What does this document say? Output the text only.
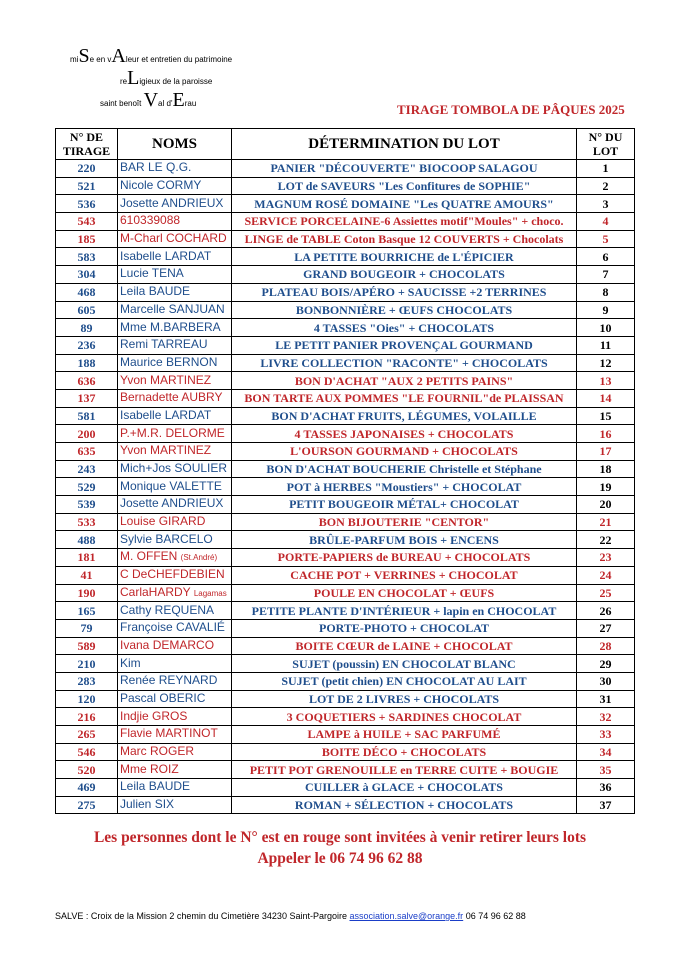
miSe en vAleur et entretien du patrimoine
reLigieux de la paroisse
saint benoît Val d'Erau	TIRAGE TOMBOLA DE PÂQUES 2025
N° DE TIRAGE	NOMS	DÉTERMINATION DU LOT	N° DU LOT
220	BAR LE Q.G.	PANIER "DÉCOUVERTE" BIOCOOP SALAGOU	1
521	Nicole CORMY	LOT de SAVEURS "Les Confitures de SOPHIE"	2
536	Josette ANDRIEUX	MAGNUM ROSÉ DOMAINE "Les QUATRE AMOURS"	3
543	610339088	SERVICE PORCELAINE-6 Assiettes motif"Moules" + choco.	4
185	M-Charl COCHARD	LINGE de TABLE Coton Basque 12 COUVERTS + Chocolats	5
583	Isabelle LARDAT	LA PETITE BOURRICHE de L'ÉPICIER	6
304	Lucie TENA	GRAND BOUGEOIR + CHOCOLATS	7
468	Leila BAUDE	PLATEAU BOIS/APÉRO + SAUCISSE +2 TERRINES	8
605	Marcelle SANJUAN	BONBONNIÈRE + ŒUFS CHOCOLATS	9
89	Mme M.BARBERA	4 TASSES "Oies" + CHOCOLATS	10
236	Remi TARREAU	LE PETIT PANIER PROVENÇAL GOURMAND	11
188	Maurice BERNON	LIVRE COLLECTION "RACONTE" + CHOCOLATS	12
636	Yvon MARTINEZ	BON D'ACHAT "AUX 2 PETITS PAINS"	13
137	Bernadette AUBRY	BON TARTE AUX POMMES "LE FOURNIL"de PLAISSAN	14
581	Isabelle LARDAT	BON D'ACHAT FRUITS, LÉGUMES, VOLAILLE	15
200	P.+M.R. DELORME	4 TASSES JAPONAISES + CHOCOLATS	16
635	Yvon MARTINEZ	L'OURSON GOURMAND + CHOCOLATS	17
243	Mich+Jos SOULIER	BON D'ACHAT BOUCHERIE Christelle et Stéphane	18
529	Monique VALETTE	POT à HERBES "Moustiers" + CHOCOLAT	19
539	Josette ANDRIEUX	PETIT BOUGEOIR MÉTAL+ CHOCOLAT	20
533	Louise GIRARD	BON BIJOUTERIE "CENTOR"	21
488	Sylvie BARCELO	BRÛLE-PARFUM BOIS + ENCENS	22
181	M. OFFEN (St.André)	PORTE-PAPIERS de BUREAU + CHOCOLATS	23
41	C DeCHEFDEBIEN	CACHE POT + VERRINES + CHOCOLAT	24
190	CarlaHARDY Lagamas	POULE EN CHOCOLAT + ŒUFS	25
165	Cathy REQUENA	PETITE PLANTE D'INTÉRIEUR + lapin en CHOCOLAT	26
79	Françoise CAVALIÉ	PORTE-PHOTO + CHOCOLAT	27
589	Ivana DEMARCO	BOITE CŒUR de LAINE + CHOCOLAT	28
210	Kim	SUJET (poussin) EN CHOCOLAT BLANC	29
283	Renée REYNARD	SUJET (petit chien) EN CHOCOLAT AU LAIT	30
120	Pascal OBERIC	LOT DE 2 LIVRES + CHOCOLATS	31
216	Indjie GROS	3 COQUETIERS + SARDINES CHOCOLAT	32
265	Flavie MARTINOT	LAMPE à HUILE + SAC PARFUMÉ	33
546	Marc ROGER	BOITE DÉCO + CHOCOLATS	34
520	Mme ROIZ	PETIT POT GRENOUILLE en TERRE CUITE + BOUGIE	35
469	Leila BAUDE	CUILLER à GLACE + CHOCOLATS	36
275	Julien SIX	ROMAN + SÉLECTION + CHOCOLATS	37
Les personnes dont le N° est en rouge sont invitées à venir retirer leurs lots
Appeler le 06 74 96 62 88
SALVE : Croix de la Mission 2 chemin du Cimetière 34230 Saint-Pargoire association.salve@orange.fr 06 74 96 62 88
